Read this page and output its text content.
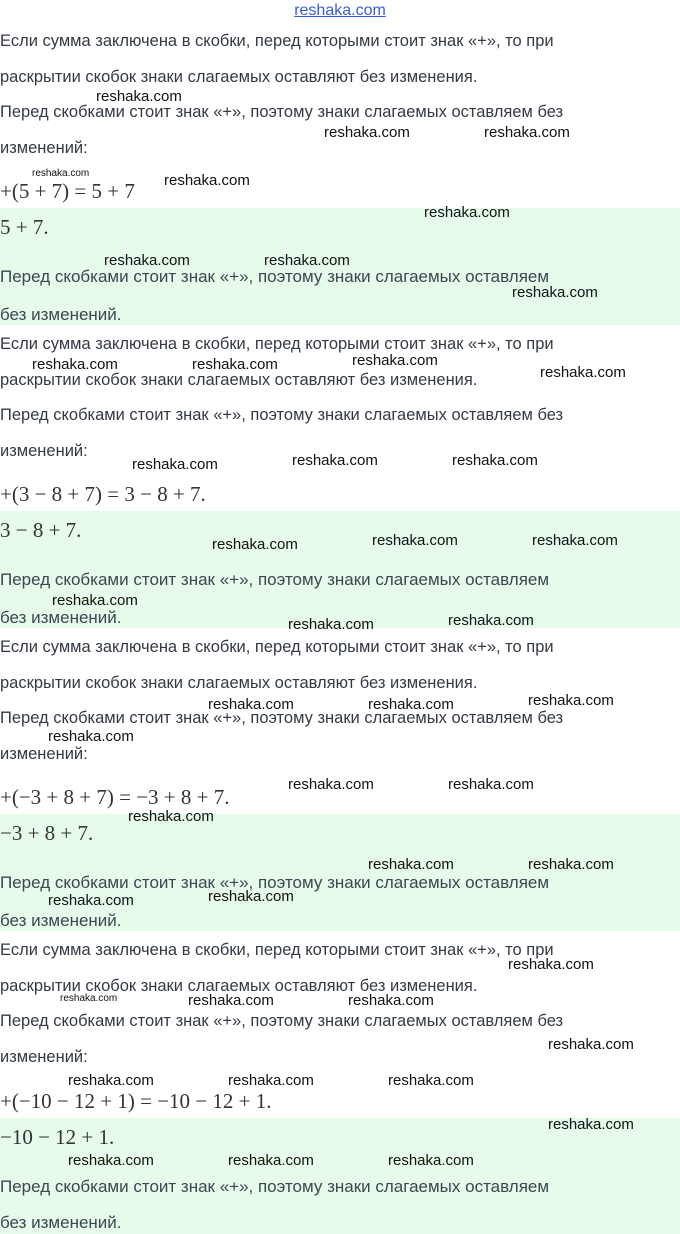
reshaka.com
Если сумма заключена в скобки, перед которыми стоит знак «+», то при
раскрытии скобок знаки слагаемых оставляют без изменения.
Перед скобками стоит знак «+», поэтому знаки слагаемых оставляем без
изменений:
+(5 + 7) = 5 + 7
5 + 7.
Перед скобками стоит знак «+», поэтому знаки слагаемых оставляем
без изменений.
Если сумма заключена в скобки, перед которыми стоит знак «+», то при
раскрытии скобок знаки слагаемых оставляют без изменения.
Перед скобками стоит знак «+», поэтому знаки слагаемых оставляем без
изменений:
+(3 − 8 + 7) = 3 − 8 + 7.
3 − 8 + 7.
Перед скобками стоит знак «+», поэтому знаки слагаемых оставляем
без изменений.
Если сумма заключена в скобки, перед которыми стоит знак «+», то при
раскрытии скобок знаки слагаемых оставляют без изменения.
Перед скобками стоит знак «+», поэтому знаки слагаемых оставляем без
изменений:
+(−3 + 8 + 7) = −3 + 8 + 7.
−3 + 8 + 7.
Перед скобками стоит знак «+», поэтому знаки слагаемых оставляем
без изменений.
Если сумма заключена в скобки, перед которыми стоит знак «+», то при
раскрытии скобок знаки слагаемых оставляют без изменения.
Перед скобками стоит знак «+», поэтому знаки слагаемых оставляем без
изменений:
+(−10 − 12 + 1) = −10 − 12 + 1.
−10 − 12 + 1.
Перед скобками стоит знак «+», поэтому знаки слагаемых оставляем
без изменений.
reshaka.com
reshaka.com	reshaka.com
reshaka.com	reshaka.com
reshaka.com
reshaka.com	reshaka.com
reshaka.com
reshaka.com
reshaka.com	reshaka.com	reshaka.com
reshaka.com	reshaka.com
reshaka.com
reshaka.com	reshaka.com
reshaka.com
reshaka.com
reshaka.com
reshaka.com
reshaka.com
reshaka.com	reshaka.com
reshaka.com
reshaka.com	reshaka.com
reshaka.com
reshaka.com	reshaka.com
reshaka.com
reshaka.com
reshaka.com
reshaka.com	reshaka.com	reshaka.com
reshaka.com
reshaka.com	reshaka.com	reshaka.com
reshaka.com
reshaka.com	reshaka.com	reshaka.com
